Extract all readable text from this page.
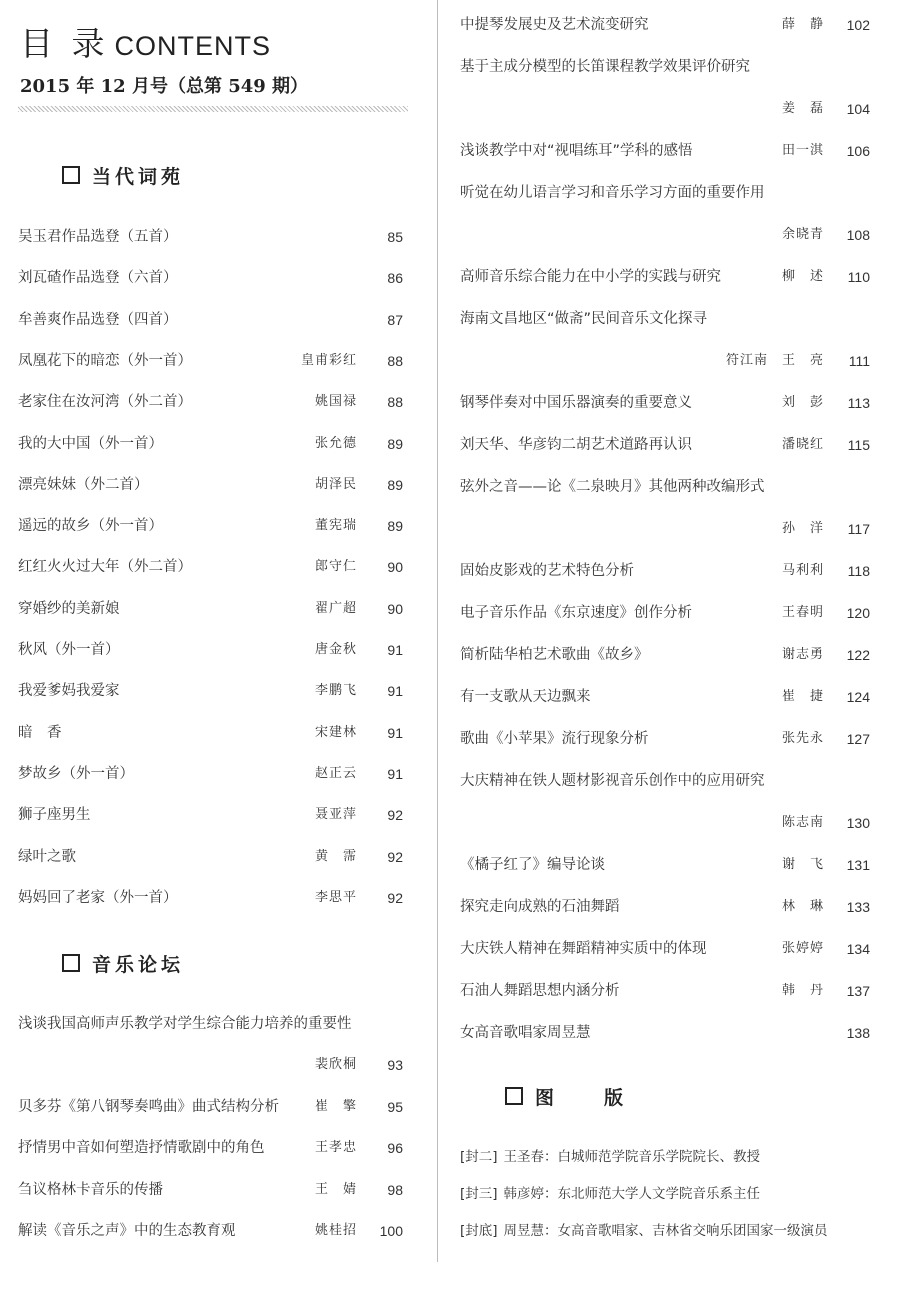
目 录 CONTENTS
2015 年 12 月号（总第 549 期）
当代词苑
吴玉君作品选登（五首）	85
刘瓦碴作品选登（六首）	86
牟善爽作品选登（四首）	87
凤凰花下的暗恋（外一首）	皇甫彩红	88
老家住在汝河湾（外二首）	姚国禄	88
我的大中国（外一首）	张允德	89
漂亮妹妹（外二首）	胡泽民	89
遥远的故乡（外一首）	董宪瑞	89
红红火火过大年（外二首）	郎守仁	90
穿婚纱的美新娘	翟广超	90
秋风（外一首）	唐金秋	91
我爱爹妈我爱家	李鹏飞	91
暗　香	宋建林	91
梦故乡（外一首）	赵正云	91
狮子座男生	聂亚萍	92
绿叶之歌	黄　霈	92
妈妈回了老家（外一首）	李思平	92
音乐论坛
浅谈我国高师声乐教学对学生综合能力培养的重要性
裴欣桐	93
贝多芬《第八钢琴奏鸣曲》曲式结构分析	崔　擎	95
抒情男中音如何塑造抒情歌剧中的角色	王孝忠	96
刍议格林卡音乐的传播	王　婧	98
解读《音乐之声》中的生态教育观	姚桂招	100
中提琴发展史及艺术流变研究	薛　静	102
基于主成分模型的长笛课程教学效果评价研究
姜　磊	104
浅谈教学中对“视唱练耳”学科的感悟	田一淇	106
听觉在幼儿语言学习和音乐学习方面的重要作用
余晓青	108
高师音乐综合能力在中小学的实践与研究	柳　述	110
海南文昌地区“做斋”民间音乐文化探寻
符江南　王　亮	111
钢琴伴奏对中国乐器演奏的重要意义	刘　彭	113
刘天华、华彦钧二胡艺术道路再认识	潘晓红	115
弦外之音——论《二泉映月》其他两种改编形式
孙　洋	117
固始皮影戏的艺术特色分析	马利利	118
电子音乐作品《东京速度》创作分析	王春明	120
简析陆华柏艺术歌曲《故乡》	谢志勇	122
有一支歌从天边飘来	崔　捷	124
歌曲《小苹果》流行现象分析	张先永	127
大庆精神在铁人题材影视音乐创作中的应用研究
陈志南	130
《橘子红了》编导论谈	谢　飞	131
探究走向成熟的石油舞蹈	林　琳	133
大庆铁人精神在舞蹈精神实质中的体现	张婷婷	134
石油人舞蹈思想内涵分析	韩　丹	137
女高音歌唱家周昱慧	138
图　　版
[封二] 王圣春：白城师范学院音乐学院院长、教授
[封三] 韩彦婷：东北师范大学人文学院音乐系主任
[封底] 周昱慧：女高音歌唱家、吉林省交响乐团国家一级演员
